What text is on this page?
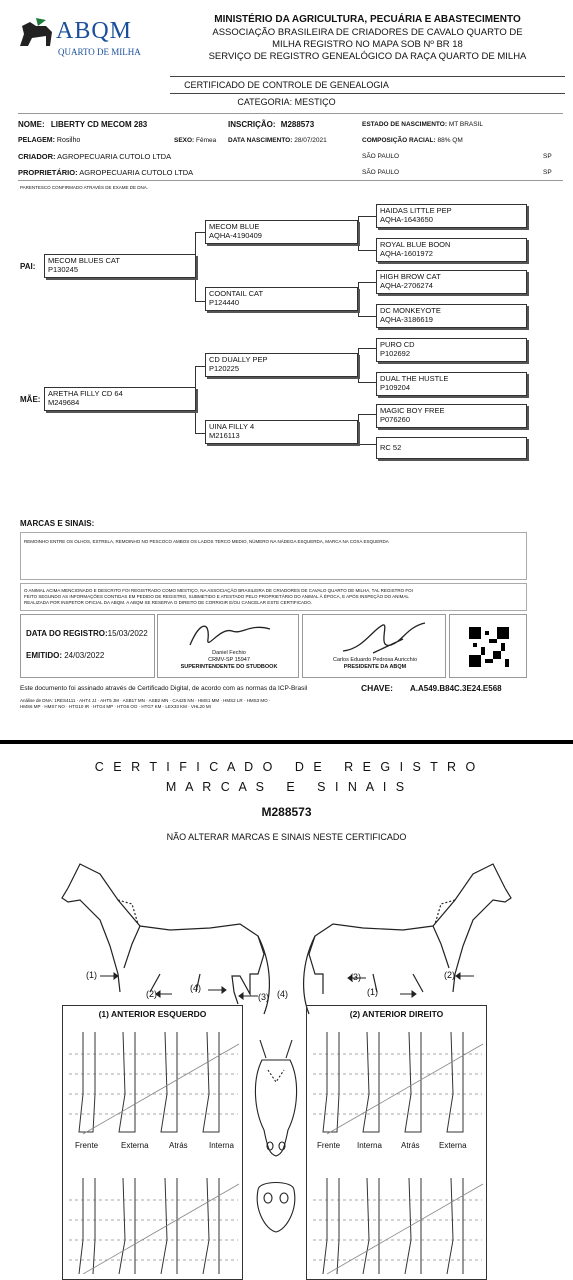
ABQM
QUARTO DE MILHA
MINISTÉRIO DA AGRICULTURA, PECUÁRIA E ABASTECIMENTO
ASSOCIAÇÃO BRASILEIRA DE CRIADORES DE CAVALO QUARTO DE
MILHA REGISTRO NO MAPA SOB Nº BR 18
SERVIÇO DE REGISTRO GENEALÓGICO DA RAÇA QUARTO DE MILHA
CERTIFICADO DE CONTROLE DE GENEALOGIA
CATEGORIA: MESTIÇO
NOME: LIBERTY CD MECOM 283	INSCRIÇÃO: M288573	ESTADO DE NASCIMENTO: MT BRASIL
PELAGEM: Rosilho	SEXO: Fêmea DATA NASCIMENTO: 28/07/2021	COMPOSIÇÃO RACIAL: 88% QM
CRIADOR: AGROPECUARIA CUTOLO LTDA	SÃO PAULO	SP
PROPRIETÁRIO: AGROPECUARIA CUTOLO LTDA	SÃO PAULO	SP
PARENTESCO CONFIRMADO ATRAVÉS DE EXAME DE DNA.
PAI:
MÃE:
MECOM BLUES CAT
P130245
ARETHA FILLY CD 64
M249684
MECOM BLUE
AQHA-4190409
COONTAIL CAT
P124440
CD DUALLY PEP
P120225
UINA FILLY 4
M216113
HAIDAS LITTLE PEP
AQHA-1643650
ROYAL BLUE BOON
AQHA-1601972
HIGH BROW CAT
AQHA-2706274
DC MONKEYOTE
AQHA-3186619
PURO CD
P102692
DUAL THE HUSTLE
P109204
MAGIC BOY FREE
P076260
RC 52
MARCAS E SINAIS:
REMOINHO ENTRE OS OLHOS, ESTRELA, REMOINHO NO PESCOCO AMBOS OS LADOS TERCO MEDIO, NÚMERO NA NÁDEGA ESQUERDA, MARCA NA COXA ESQUERDA
O ANIMAL ACIMA MENCIONADO E DESCRITO FOI REGISTRADO COMO MESTIÇO, NA ASSOCIAÇÃO BRASILEIRA DE CRIADORES DE CAVALO QUARTO DE MILHA, TAL REGISTRO FOI
FEITO SEGUNDO AS INFORMAÇÕES CONTIDAS EM PEDIDO DE REGISTRO, SUBMETIDO E ATESTADO PELO PROPRIETÁRIO DO ANIMAL À ÉPOCA, E APÓS INSPEÇÃO DO ANIMAL
REALIZADA POR INSPETOR OFICIAL DA ABQM. A ABQM SE RESERVA O DIREITO DE CORRIGIR E/OU CANCELAR ESTE CERTIFICADO.
DATA DO REGISTRO:15/03/2022
EMITIDO: 24/03/2022	Daniel Fechio
CRMV-SP 15947
SUPERINTENDENTE DO STUDBOOK
Carlos Eduardo Pedrosa Auricchio
PRESIDENTE DA ABQM
Este documento foi assinado através de Certificado Digital, de acordo com as normas da ICP-Brasil	CHAVE: A.A549.B84C.3E24.E568
Análise de DNA: 1RES4111 · AHT4 JJ · AHT5 JM · ASB17 MN · ASB2 MN · CA425 NN · HMS1 MM · HMS2 LR · HMS3 MO ·
HMS6 MP · HMS7 NO · HTG10 IR · HTG4 MP · HTG6 OO · HTG7 KM · LEX33 KM · VHL20 MI
C E R T I F I C A D O   D E   R E G I S T R O
M A R C A S   E   S I N A I S
M288573
NÃO ALTERAR MARCAS E SINAIS NESTE CERTIFICADO
(1)
(2)
(4)
(3) (4)
(3)
(1)
(2)
(1) ANTERIOR ESQUERDO
Frente	Externa	Atrás	Interna
(2) ANTERIOR DIREITO
Frente Interna Atrás Externa
